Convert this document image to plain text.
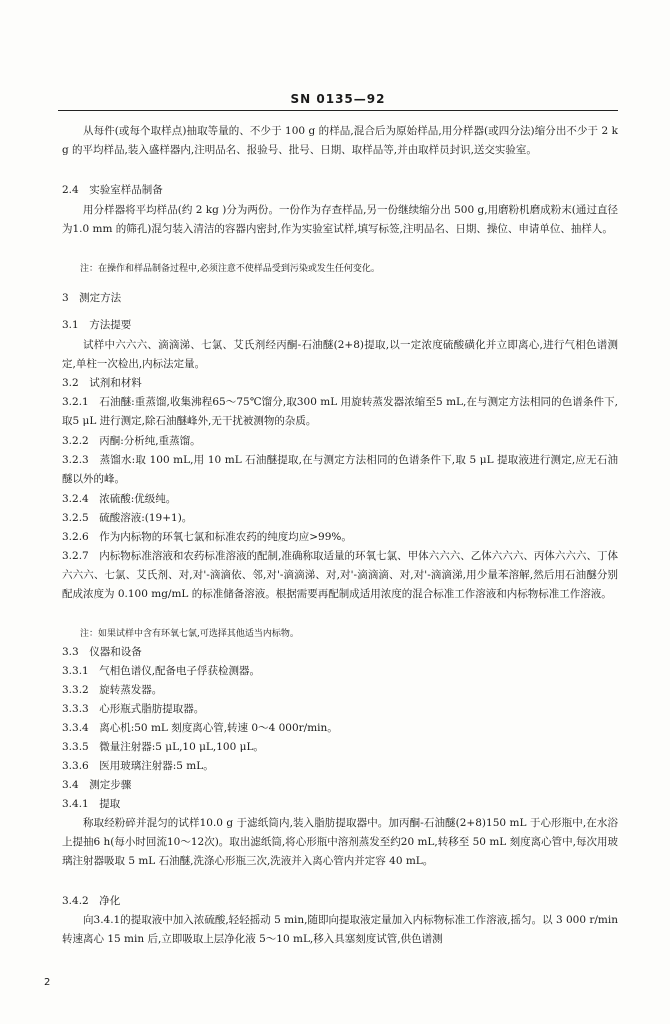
SN 0135—92
从每件(或每个取样点)抽取等量的、不少于 100 g 的样品,混合后为原始样品,用分样器(或四分法)缩分出不少于 2 kg 的平均样品,装入盛样器内,注明品名、报验号、批号、日期、取样品等,并由取样员封识,送交实验室。
2.4　实验室样品制备
用分样器将平均样品(约 2 kg )分为两份。一份作为存查样品,另一份继续缩分出 500 g,用磨粉机磨成粉末(通过直径为1.0 mm 的筛孔)混匀装入清洁的容器内密封,作为实验室试样,填写标签,注明品名、日期、操位、申请单位、抽样人。
注：在操作和样品制备过程中,必须注意不使样品受到污染或发生任何变化。
3　测定方法
3.1　方法提要
试样中六六六、滴滴涕、七氯、艾氏剂经丙酮-石油醚(2+8)提取,以一定浓度硫酸磺化并立即离心,进行气相色谱测定,单柱一次检出,内标法定量。
3.2　试剂和材料
3.2.1　石油醚:重蒸馏,收集沸程65～75℃馏分,取300 mL 用旋转蒸发器浓缩至5 mL,在与测定方法相同的色谱条件下,取5 μL 进行测定,除石油醚峰外,无干扰被测物的杂质。
3.2.2　丙酮:分析纯,重蒸馏。
3.2.3　蒸馏水:取 100 mL,用 10 mL 石油醚提取,在与测定方法相同的色谱条件下,取 5 μL 提取液进行测定,应无石油醚以外的峰。
3.2.4　浓硫酸:优级纯。
3.2.5　硫酸溶液:(19+1)。
3.2.6　作为内标物的环氧七氯和标准农药的纯度均应>99%。
3.2.7　内标物标准溶液和农药标准溶液的配制,准确称取适量的环氧七氯、甲体六六六、乙体六六六、丙体六六六、丁体六六六、七氯、艾氏剂、对,对'-滴滴依、邻,对'-滴滴涕、对,对'-滴滴滴、对,对'-滴滴涕,用少量苯溶解,然后用石油醚分别配成浓度为 0.100 mg/mL 的标准储备溶液。根据需要再配制成适用浓度的混合标准工作溶液和内标物标准工作溶液。
注：如果试样中含有环氧七氯,可选择其他适当内标物。
3.3　仪器和设备
3.3.1　气相色谱仪,配备电子俘获检测器。
3.3.2　旋转蒸发器。
3.3.3　心形瓶式脂肪提取器。
3.3.4　离心机:50 mL 刻度离心管,转速 0～4 000r/min。
3.3.5　微量注射器:5 μL,10 μL,100 μL。
3.3.6　医用玻璃注射器:5 mL。
3.4　测定步骤
3.4.1　提取
称取经粉碎并混匀的试样10.0 g 于滤纸筒内,装入脂肪提取器中。加丙酮-石油醚(2+8)150 mL 于心形瓶中,在水浴上提抽6 h(每小时回流10～12次)。取出滤纸筒,将心形瓶中溶剂蒸发至约20 mL,转移至 50 mL 刻度离心管中,每次用玻璃注射器吸取 5 mL 石油醚,洗涤心形瓶三次,洗液并入离心管内并定容 40 mL。
3.4.2　净化
向3.4.1的提取液中加入浓硫酸,轻轻摇动 5 min,随即向提取液定量加入内标物标准工作溶液,摇匀。以 3 000 r/min 转速离心 15 min 后,立即吸取上层净化液 5～10 mL,移入具塞刻度试管,供色谱测
2
